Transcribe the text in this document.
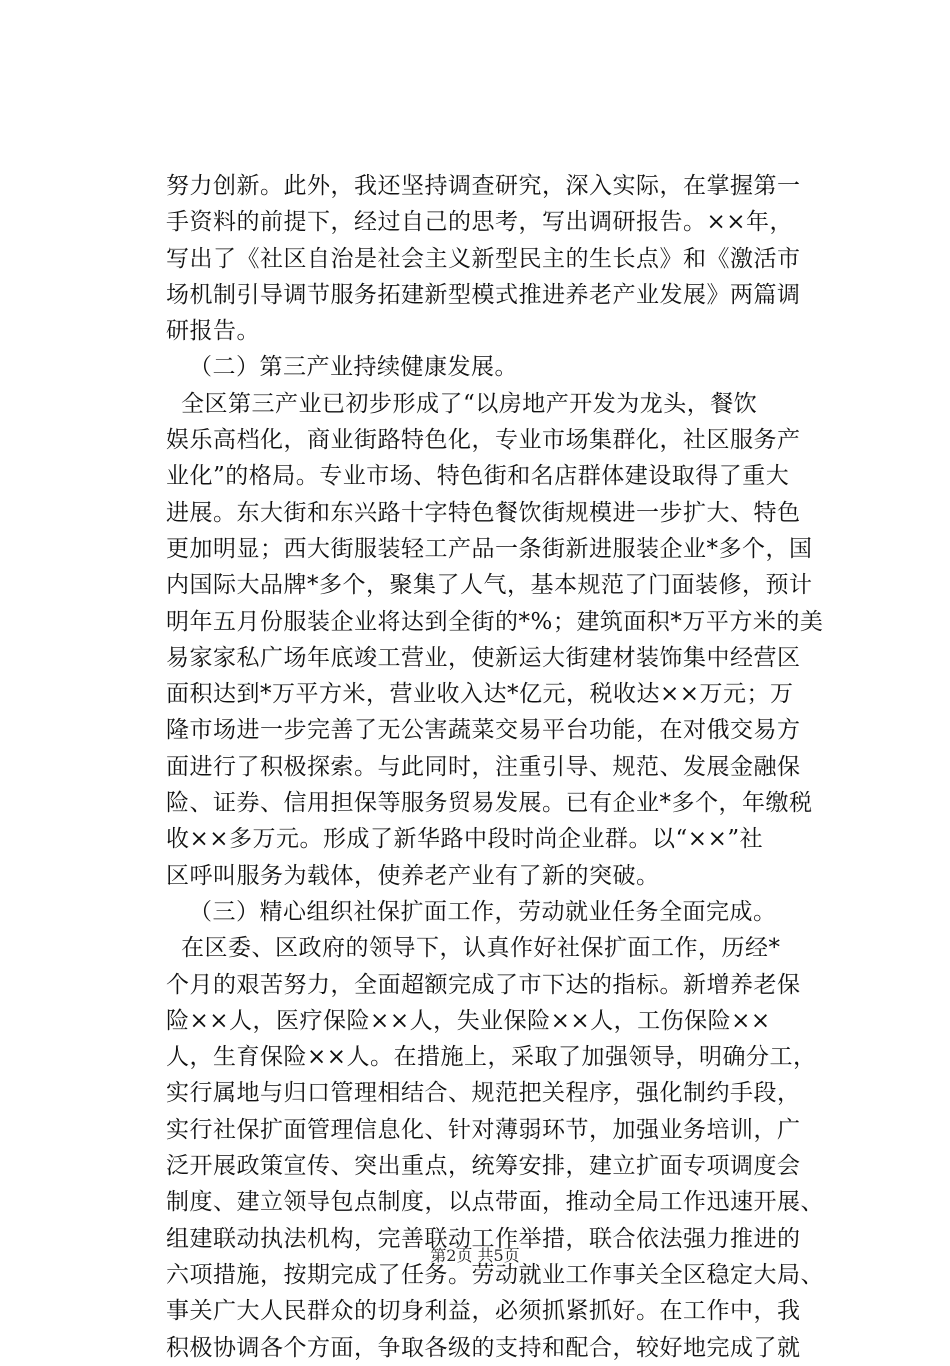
努力创新。此外，我还坚持调查研究，深入实际，在掌握第一
手资料的前提下，经过自己的思考，写出调研报告。××年，
写出了《社区自治是社会主义新型民主的生长点》和《激活市
场机制引导调节服务拓建新型模式推进养老产业发展》两篇调
研报告。
（二）第三产业持续健康发展。
全区第三产业已初步形成了“以房地产开发为龙头，餐饮
娱乐高档化，商业街路特色化，专业市场集群化，社区服务产
业化”的格局。专业市场、特色街和名店群体建设取得了重大
进展。东大街和东兴路十字特色餐饮街规模进一步扩大、特色
更加明显；西大街服装轻工产品一条街新进服装企业*多个，国
内国际大品牌*多个，聚集了人气，基本规范了门面装修，预计
明年五月份服装企业将达到全街的*%；建筑面积*万平方米的美
易家家私广场年底竣工营业，使新运大街建材装饰集中经营区
面积达到*万平方米，营业收入达*亿元，税收达××万元；万
隆市场进一步完善了无公害蔬菜交易平台功能，在对俄交易方
面进行了积极探索。与此同时，注重引导、规范、发展金融保
险、证券、信用担保等服务贸易发展。已有企业*多个，年缴税
收××多万元。形成了新华路中段时尚企业群。以“××”社
区呼叫服务为载体，使养老产业有了新的突破。
（三）精心组织社保扩面工作，劳动就业任务全面完成。
在区委、区政府的领导下，认真作好社保扩面工作，历经*
个月的艰苦努力，全面超额完成了市下达的指标。新增养老保
险××人，医疗保险××人，失业保险××人，工伤保险××
人，生育保险××人。在措施上，采取了加强领导，明确分工，
实行属地与归口管理相结合、规范把关程序，强化制约手段，
实行社保扩面管理信息化、针对薄弱环节，加强业务培训，广
泛开展政策宣传、突出重点，统筹安排，建立扩面专项调度会
制度、建立领导包点制度，以点带面，推动全局工作迅速开展、
组建联动执法机构，完善联动工作举措，联合依法强力推进的
六项措施，按期完成了任务。劳动就业工作事关全区稳定大局、
事关广大人民群众的切身利益，必须抓紧抓好。在工作中，我
积极协调各个方面，争取各级的支持和配合，较好地完成了就
第2页 共5页
